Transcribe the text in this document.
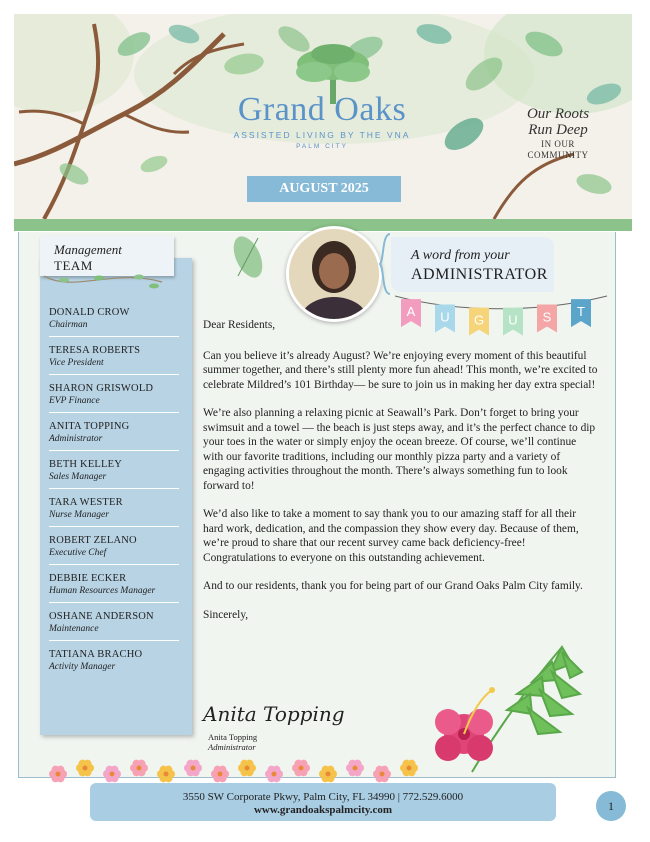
Grand Oaks
ASSISTED LIVING BY THE VNA
PALM CITY
Our Roots
Run Deep
IN OUR
COMMUNITY
AUGUST 2025
Management
TEAM
DONALD CROW
Chairman
TERESA ROBERTS
Vice President
SHARON GRISWOLD
EVP Finance
ANITA TOPPING
Administrator
BETH KELLEY
Sales Manager
TARA WESTER
Nurse Manager
ROBERT ZELANO
Executive Chef
DEBBIE ECKER
Human Resources Manager
OSHANE ANDERSON
Maintenance
TATIANA BRACHO
Activity Manager
A word from your
ADMINISTRATOR
A U G U S T

Dear Residents,

Can you believe it’s already August? We’re enjoying every moment of this beautiful summer together, and there’s still plenty more fun ahead! This month, we’re excited to celebrate Mildred’s 101 Birthday— be sure to join us in making her day extra special!

We’re also planning a relaxing picnic at Seawall’s Park. Don’t forget to bring your swimsuit and a towel — the beach is just steps away, and it’s the perfect chance to dip your toes in the water or simply enjoy the ocean breeze. Of course, we’ll continue with our favorite traditions, including our monthly pizza party and a variety of engaging activities throughout the month. There’s always something fun to look forward to!

We’d also like to take a moment to say thank you to our amazing staff for all their hard work, dedication, and the compassion they show every day. Because of them, we’re proud to share that our recent survey came back deficiency-free! Congratulations to everyone on this outstanding achievement.

And to our residents, thank you for being part of our Grand Oaks Palm City family.

Sincerely,

Anita Topping
Anita Topping
Administrator
3550 SW Corporate Pkwy, Palm City, FL 34990 | 772.529.6000
www.grandoakspalmcity.com	1
